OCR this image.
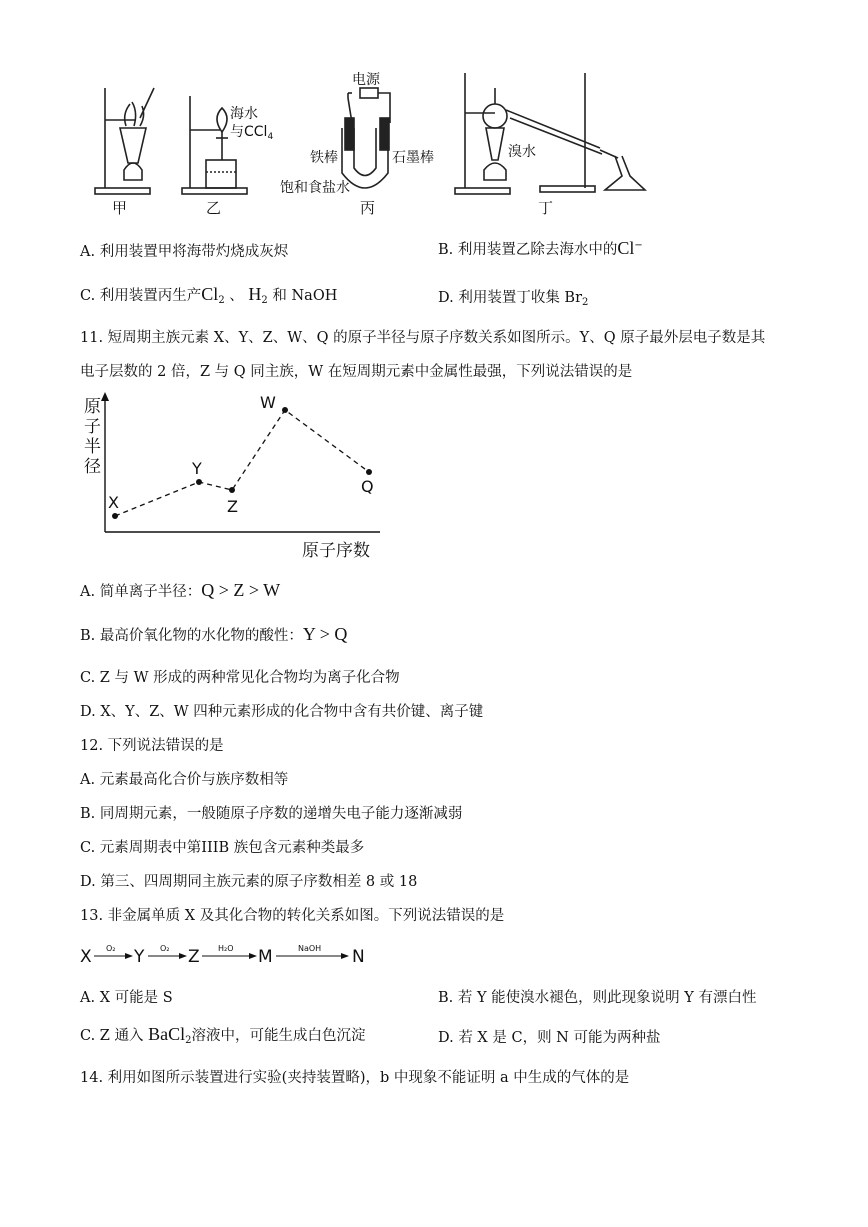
海水
与CCl$_4$
电源
铁棒	石墨棒
饱和食盐水
溴水
甲	乙	丙	丁
A. 利用装置甲将海带灼烧成灰烬	B. 利用装置乙除去海水中的Cl−
C. 利用装置丙生产$Cl_2$ 、 $H_2$ 和 NaOH	D. 利用装置丁收集 $Br_2$
11. 短周期主族元素 X、Y、Z、W、Q 的原子半径与原子序数关系如图所示。Y、Q 原子最外层电子数是其
电子层数的 2 倍，Z 与 Q 同主族，W 在短周期元素中金属性最强，下列说法错误的是
原
子
半
径
原子序数
X
Y
Z
W
Q
A. 简单离子半径：Q > Z > W
B. 最高价氧化物的水化物的酸性：Y > Q
C. Z 与 W 形成的两种常见化合物均为离子化合物
D. X、Y、Z、W 四种元素形成的化合物中含有共价键、离子键
12. 下列说法错误的是
A. 元素最高化合价与族序数相等
B. 同周期元素，一般随原子序数的递增失电子能力逐渐减弱
C. 元素周期表中第IIIB 族包含元素种类最多
D. 第三、四周期同主族元素的原子序数相差 8 或 18
13. 非金属单质 X 及其化合物的转化关系如图。下列说法错误的是
X O₂ Y O₂ Z H₂O M	NaOH N
A. X 可能是 S	B. 若 Y 能使溴水褪色，则此现象说明 Y 有漂白性
C. Z 通入 BaCl$_2$溶液中，可能生成白色沉淀	D. 若 X 是 C，则 N 可能为两种盐
14. 利用如图所示装置进行实验(夹持装置略)，b 中现象不能证明 a 中生成的气体的是
